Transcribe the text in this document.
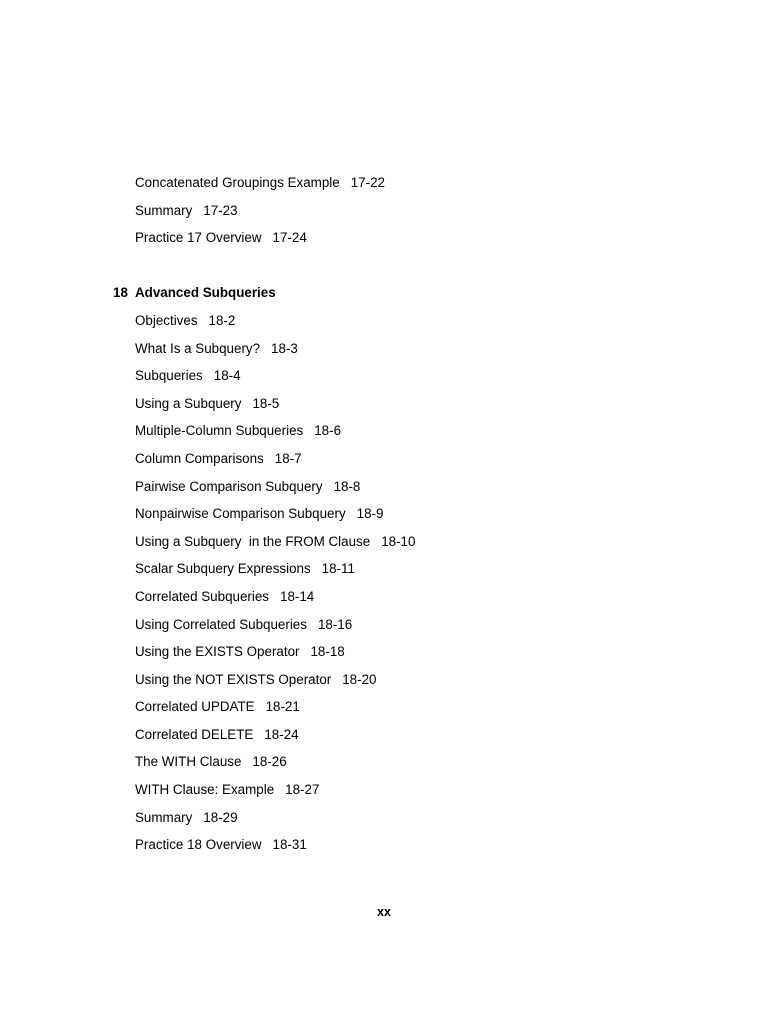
Concatenated Groupings Example 17-22
Summary 17-23
Practice 17 Overview 17-24
18 Advanced Subqueries
Objectives 18-2
What Is a Subquery? 18-3
Subqueries 18-4
Using a Subquery 18-5
Multiple-Column Subqueries 18-6
Column Comparisons 18-7
Pairwise Comparison Subquery 18-8
Nonpairwise Comparison Subquery 18-9
Using a Subquery  in the FROM Clause 18-10
Scalar Subquery Expressions 18-11
Correlated Subqueries 18-14
Using Correlated Subqueries 18-16
Using the EXISTS Operator 18-18
Using the NOT EXISTS Operator 18-20
Correlated UPDATE 18-21
Correlated DELETE 18-24
The WITH Clause 18-26
WITH Clause: Example 18-27
Summary 18-29
Practice 18 Overview 18-31
xx
